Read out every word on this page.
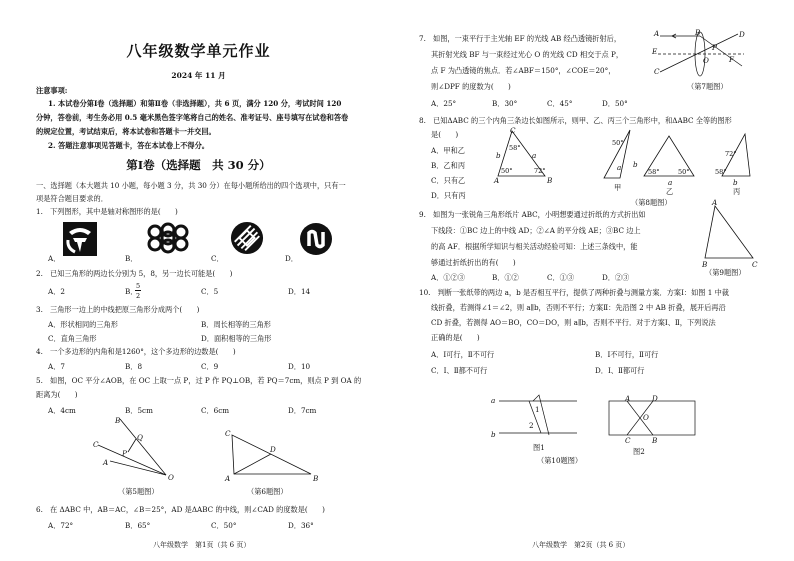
八年级数学单元作业
2024 年 11 月
注意事项:
1. 本试卷分第Ⅰ卷（选择题）和第Ⅱ卷（非选择题），共 6 页，满分 120 分，考试时间 120
分钟，答卷前，考生务必用 0.5 毫米黑色签字笔将自己的姓名、准考证号、座号填写在试卷和答卷
的规定位置，考试结束后，将本试卷和答题卡一并交回。
2. 答题注意事项见答题卡，答在本试卷上不得分。
第Ⅰ卷（选择题　共 30 分）
一、选择题（本大题共 10 小题，每小题 3 分，共 30 分）在每小题所给出的四个选项中，只有一
项是符合题目要求的．
1.　下列图形，其中是轴对称图形的是(　　)
A．	B．	C．	D．
2.　已知三角形的两边长分别为 5，8，另一边长可能是(　　)
A．2	B．
5
2	C．5	D．14
3.　三角形一边上的中线把原三角形分成两个(　　)
A．形状相同的三角形	B．周长相等的三角形
C．直角三角形	D．面积相等的三角形
4.　一个多边形的内角和是1260°，这个多边形的边数是(　　)
A．7	B．8	C．9	D．10
5.　如图，OC 平分∠AOB，在 OC 上取一点 P，过 P 作 PQ⊥OB，若 PQ＝7cm，则点 P 到 OA 的
距离为(　　)
A．4cm	B．5cm	C．6cm	D．7cm
B
Q
C
P
A
O
（第5题图）
C
D
A	B
（第6题图）
6.　在 ΔABC 中，AB＝AC，∠B＝25°，AD 是ΔABC 的中线，则∠CAD 的度数是(　　)
A．72°	B．65°	C．50°	D．36°
八年级数学　第1页（共 6 页）
7.　如图，一束平行于主光轴 EF 的光线 AB 经凸透镜折射后，
其折射光线 BF 与一束经过光心 O 的光线 CD 相交于点 P，
点 F 为凸透镜的焦点．若∠ABF＝150°，∠COE＝20°，
则∠DPF 的度数为(　　)
A．25°	B．30°	C．45°	D．50°
A	B	D
E	P
F
O
C
（第7题图）
8.　已知ΔABC 的三个内角三条边长如图所示，则甲、乙、丙三个三角形中，和ΔABC 全等的图形
是(　　)
A．甲和乙
B．乙和丙
C．只有乙
D．只有丙
C
A	B
58°
50°	72°
b	a
50°
a b
甲
58°	50°
a
乙
72°
58°
b
丙
（第8题图）
9.　如图为一张锐角三角形纸片 ABC，小明想要通过折纸的方式折出如
下线段：①BC 边上的中线 AD；②∠A 的平分线 AE；③BC 边上
的高 AF．根据所学知识与相关活动经验可知：上述三条线中，能
够通过折纸折出的有(　　)
A．①②③	B．①②	C．①③	D．②③
A
B	C
（第9题图）
10.　判断一张纸带的两边 a，b 是否相互平行，提供了两种折叠与测量方案．方案Ⅰ：如图 1 中裁
线折叠，若测得∠1＝∠2，则 a∥b，否则不平行；方案Ⅱ：先沿图 2 中 AB 折叠，展开后再沿
CD 折叠，若测得 AO＝BO，CO＝DO，则 a∥b，否则不平行．对于方案Ⅰ、Ⅱ，下列说法
正确的是(　　)
A．Ⅰ可行，Ⅱ不可行	B．Ⅰ不可行，Ⅱ可行
C．Ⅰ、Ⅱ都不可行	D．Ⅰ、Ⅱ都可行
a
b
1
2
图1
A	D
C	B
O
图2
（第10题图）
八年级数学　第2页（共 6 页）
